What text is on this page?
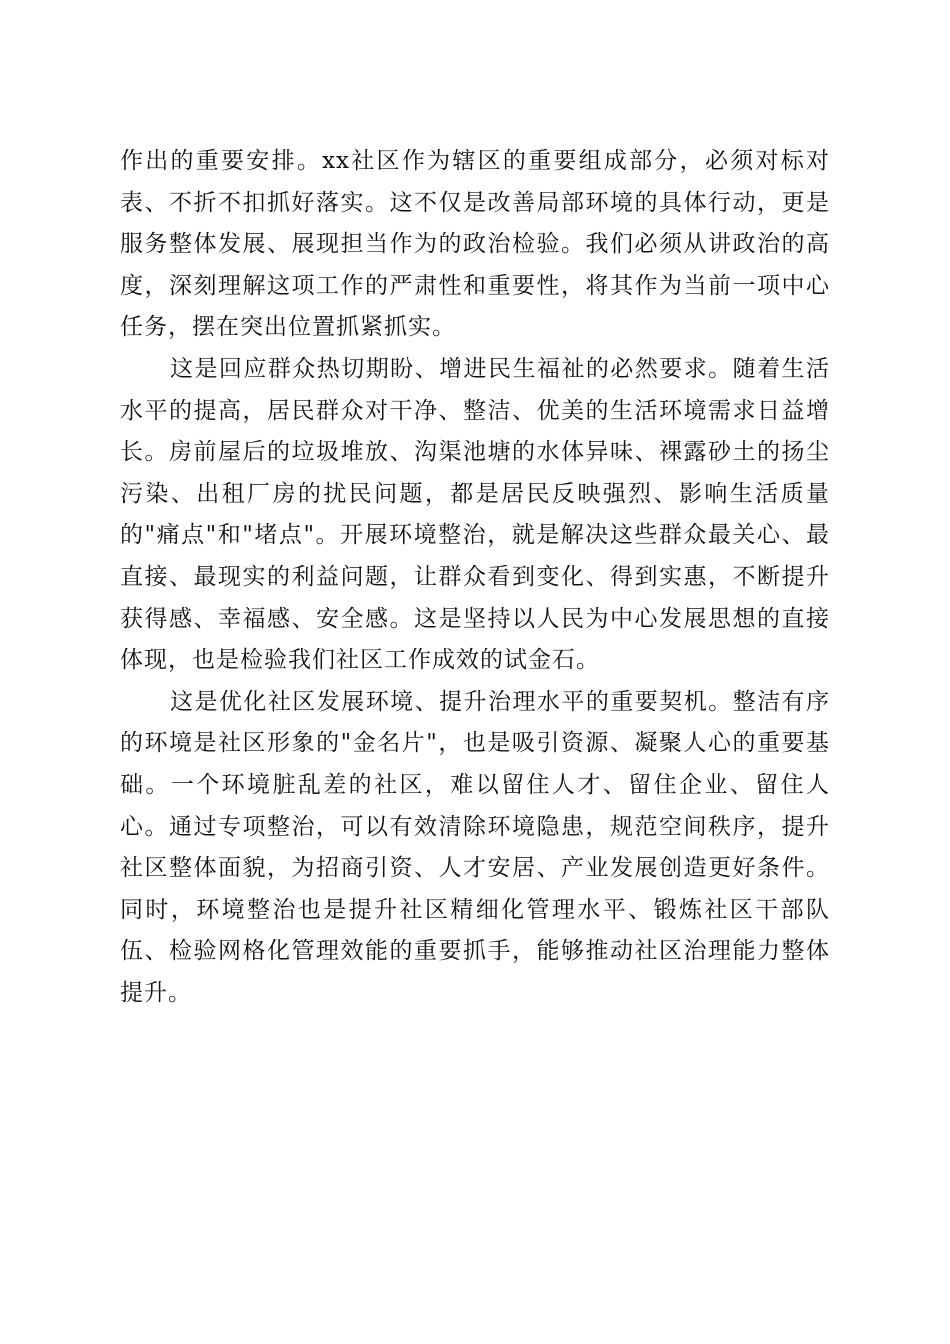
作出的重要安排。xx社区作为辖区的重要组成部分，必须对标对表、不折不扣抓好落实。这不仅是改善局部环境的具体行动，更是服务整体发展、展现担当作为的政治检验。我们必须从讲政治的高度，深刻理解这项工作的严肃性和重要性，将其作为当前一项中心任务，摆在突出位置抓紧抓实。

这是回应群众热切期盼、增进民生福祉的必然要求。随着生活水平的提高，居民群众对干净、整洁、优美的生活环境需求日益增长。房前屋后的垃圾堆放、沟渠池塘的水体异味、裸露砂土的扬尘污染、出租厂房的扰民问题，都是居民反映强烈、影响生活质量的"痛点"和"堵点"。开展环境整治，就是解决这些群众最关心、最直接、最现实的利益问题，让群众看到变化、得到实惠，不断提升获得感、幸福感、安全感。这是坚持以人民为中心发展思想的直接体现，也是检验我们社区工作成效的试金石。

这是优化社区发展环境、提升治理水平的重要契机。整洁有序的环境是社区形象的"金名片"，也是吸引资源、凝聚人心的重要基础。一个环境脏乱差的社区，难以留住人才、留住企业、留住人心。通过专项整治，可以有效清除环境隐患，规范空间秩序，提升社区整体面貌，为招商引资、人才安居、产业发展创造更好条件。同时，环境整治也是提升社区精细化管理水平、锻炼社区干部队伍、检验网格化管理效能的重要抓手，能够推动社区治理能力整体提升。
